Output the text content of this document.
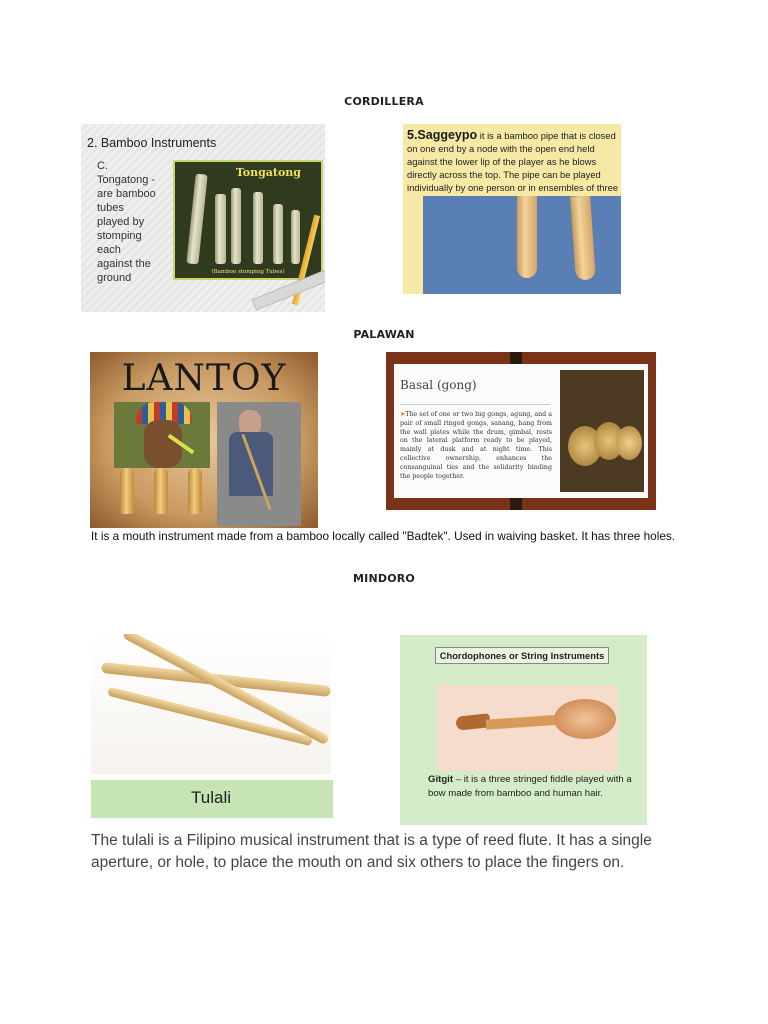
CORDILLERA
2. Bamboo Instruments
C.
Tongatong -
are bamboo
tubes
played by
stomping
each
against the
ground
Tongatong
(Bamboo stomping Tubes)
5.Saggeypo it is a bamboo pipe that is closed on one end by a node with the open end held against the lower lip of the player as he blows directly across the top. The pipe can be played individually by one person or in ensembles of three
PALAWAN
LANTOY	Basal (gong)
➤The set of one or two big gongs, agung, and a pair of small ringed gongs, sanang, hang from the wall plates while the drum, gimbal, rests on the lateral platform ready to be played, mainly at dusk and at night time. This collective ownership, enhances the consanguinal ties and the solidarity binding the people together.
It is a mouth instrument made from a bamboo locally called "Badtek". Used in waiving basket. It has three holes.
MINDORO
Tulali
Chordophones or String Instruments
Gitgit – it is a three stringed fiddle played with a bow made from bamboo and human hair.
The tulali is a Filipino musical instrument that is a type of reed flute. It has a single aperture, or hole, to place the mouth on and six others to place the fingers on.
